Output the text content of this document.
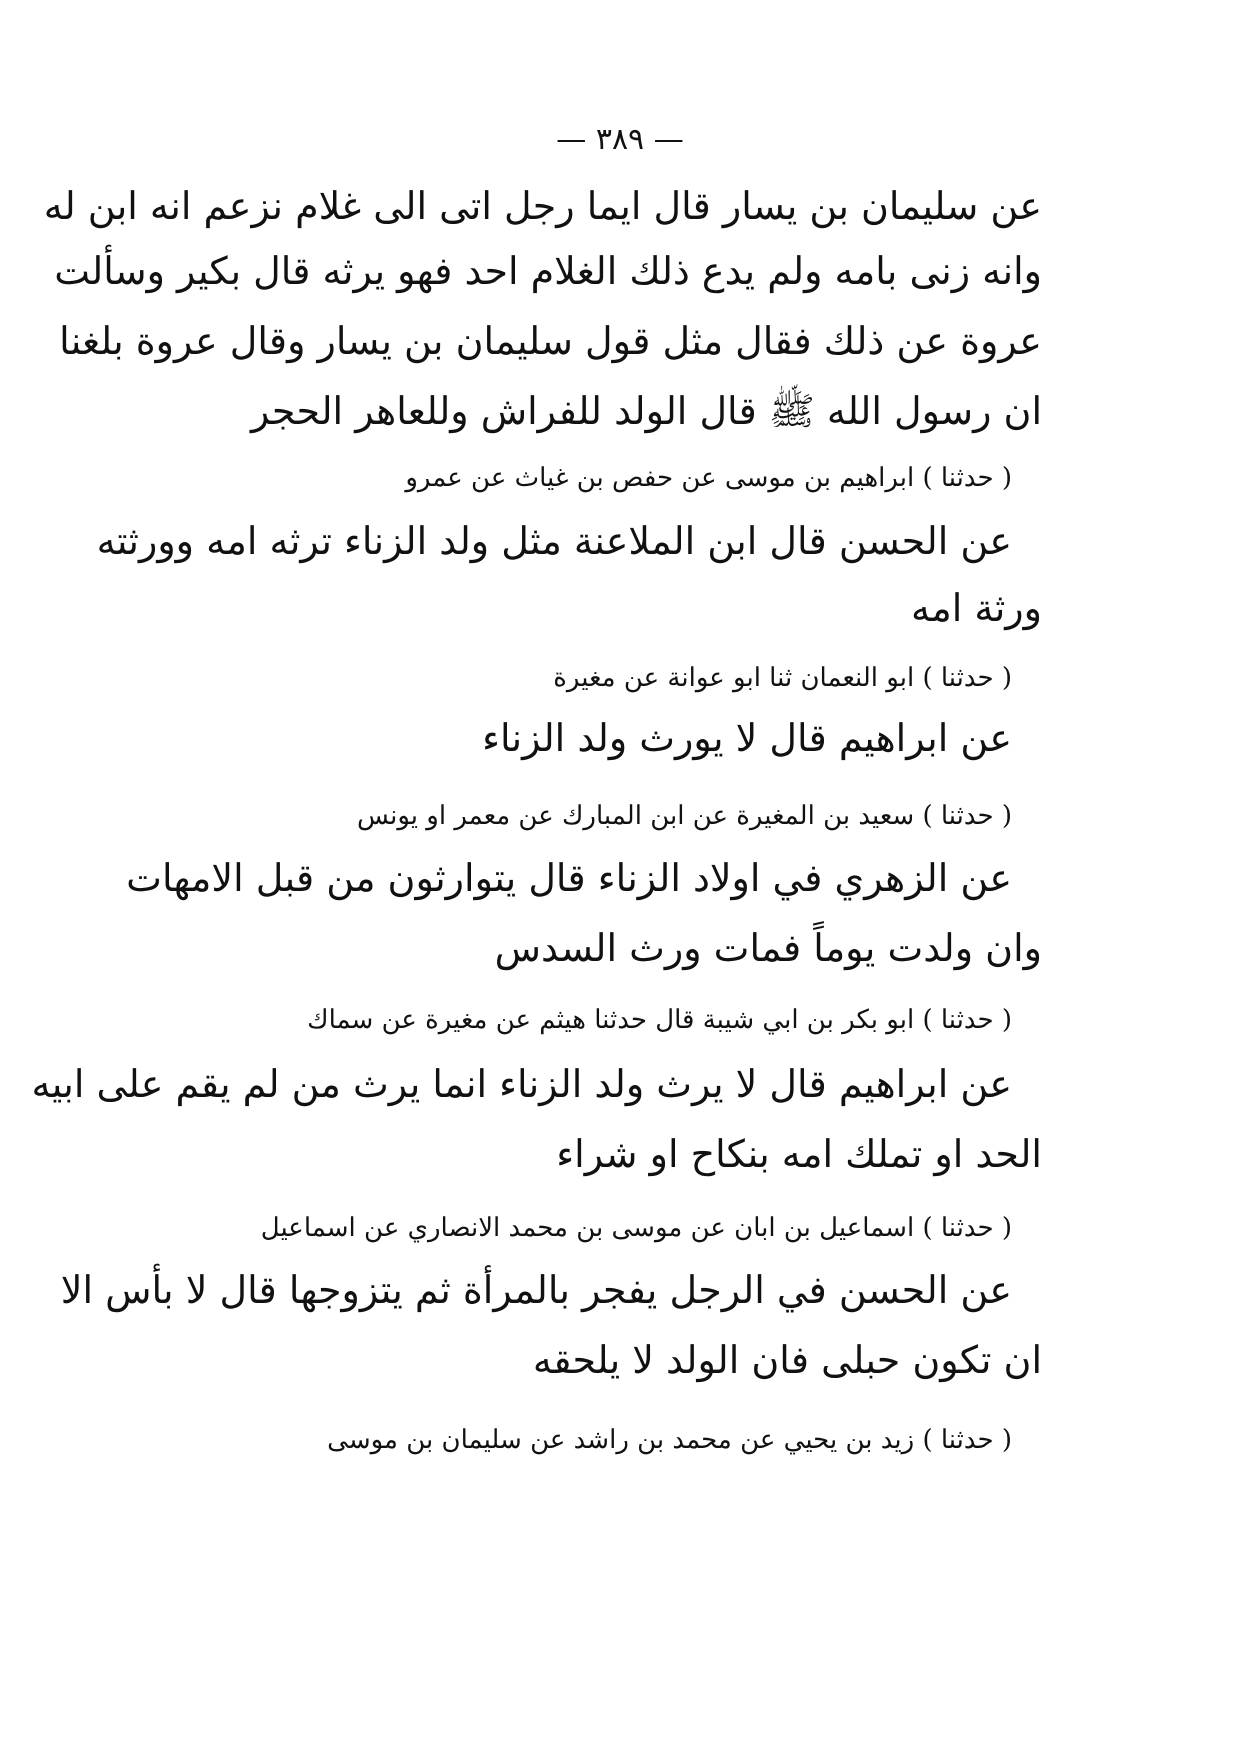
— ٣٨٩ —
عن سليمان بن يسار قال ايما رجل اتى الى غلام نزعم انه ابن له
وانه زنى بامه ولم يدع ذلك الغلام احد فهو يرثه قال بكير وسألت
عروة عن ذلك فقال مثل قول سليمان بن يسار وقال عروة بلغنا
ان رسول الله ﷺ قال الولد للفراش وللعاهر الحجر
( حدثنا ) ابراهيم بن موسى عن حفص بن غياث عن عمرو
عن الحسن قال ابن الملاعنة مثل ولد الزناء ترثه امه وورثته
ورثة امه
( حدثنا ) ابو النعمان ثنا ابو عوانة عن مغيرة
عن ابراهيم قال لا يورث ولد الزناء
( حدثنا ) سعيد بن المغيرة عن ابن المبارك عن معمر او يونس
عن الزهري في اولاد الزناء قال يتوارثون من قبل الامهات
وان ولدت يوماً فمات ورث السدس
( حدثنا ) ابو بكر بن ابي شيبة قال حدثنا هيثم عن مغيرة عن سماك
عن ابراهيم قال لا يرث ولد الزناء انما يرث من لم يقم على ابيه
الحد او تملك امه بنكاح او شراء
( حدثنا ) اسماعيل بن ابان عن موسى بن محمد الانصاري عن اسماعيل
عن الحسن في الرجل يفجر بالمرأة ثم يتزوجها قال لا بأس الا
ان تكون حبلى فان الولد لا يلحقه
( حدثنا ) زيد بن يحيي عن محمد بن راشد عن سليمان بن موسى
